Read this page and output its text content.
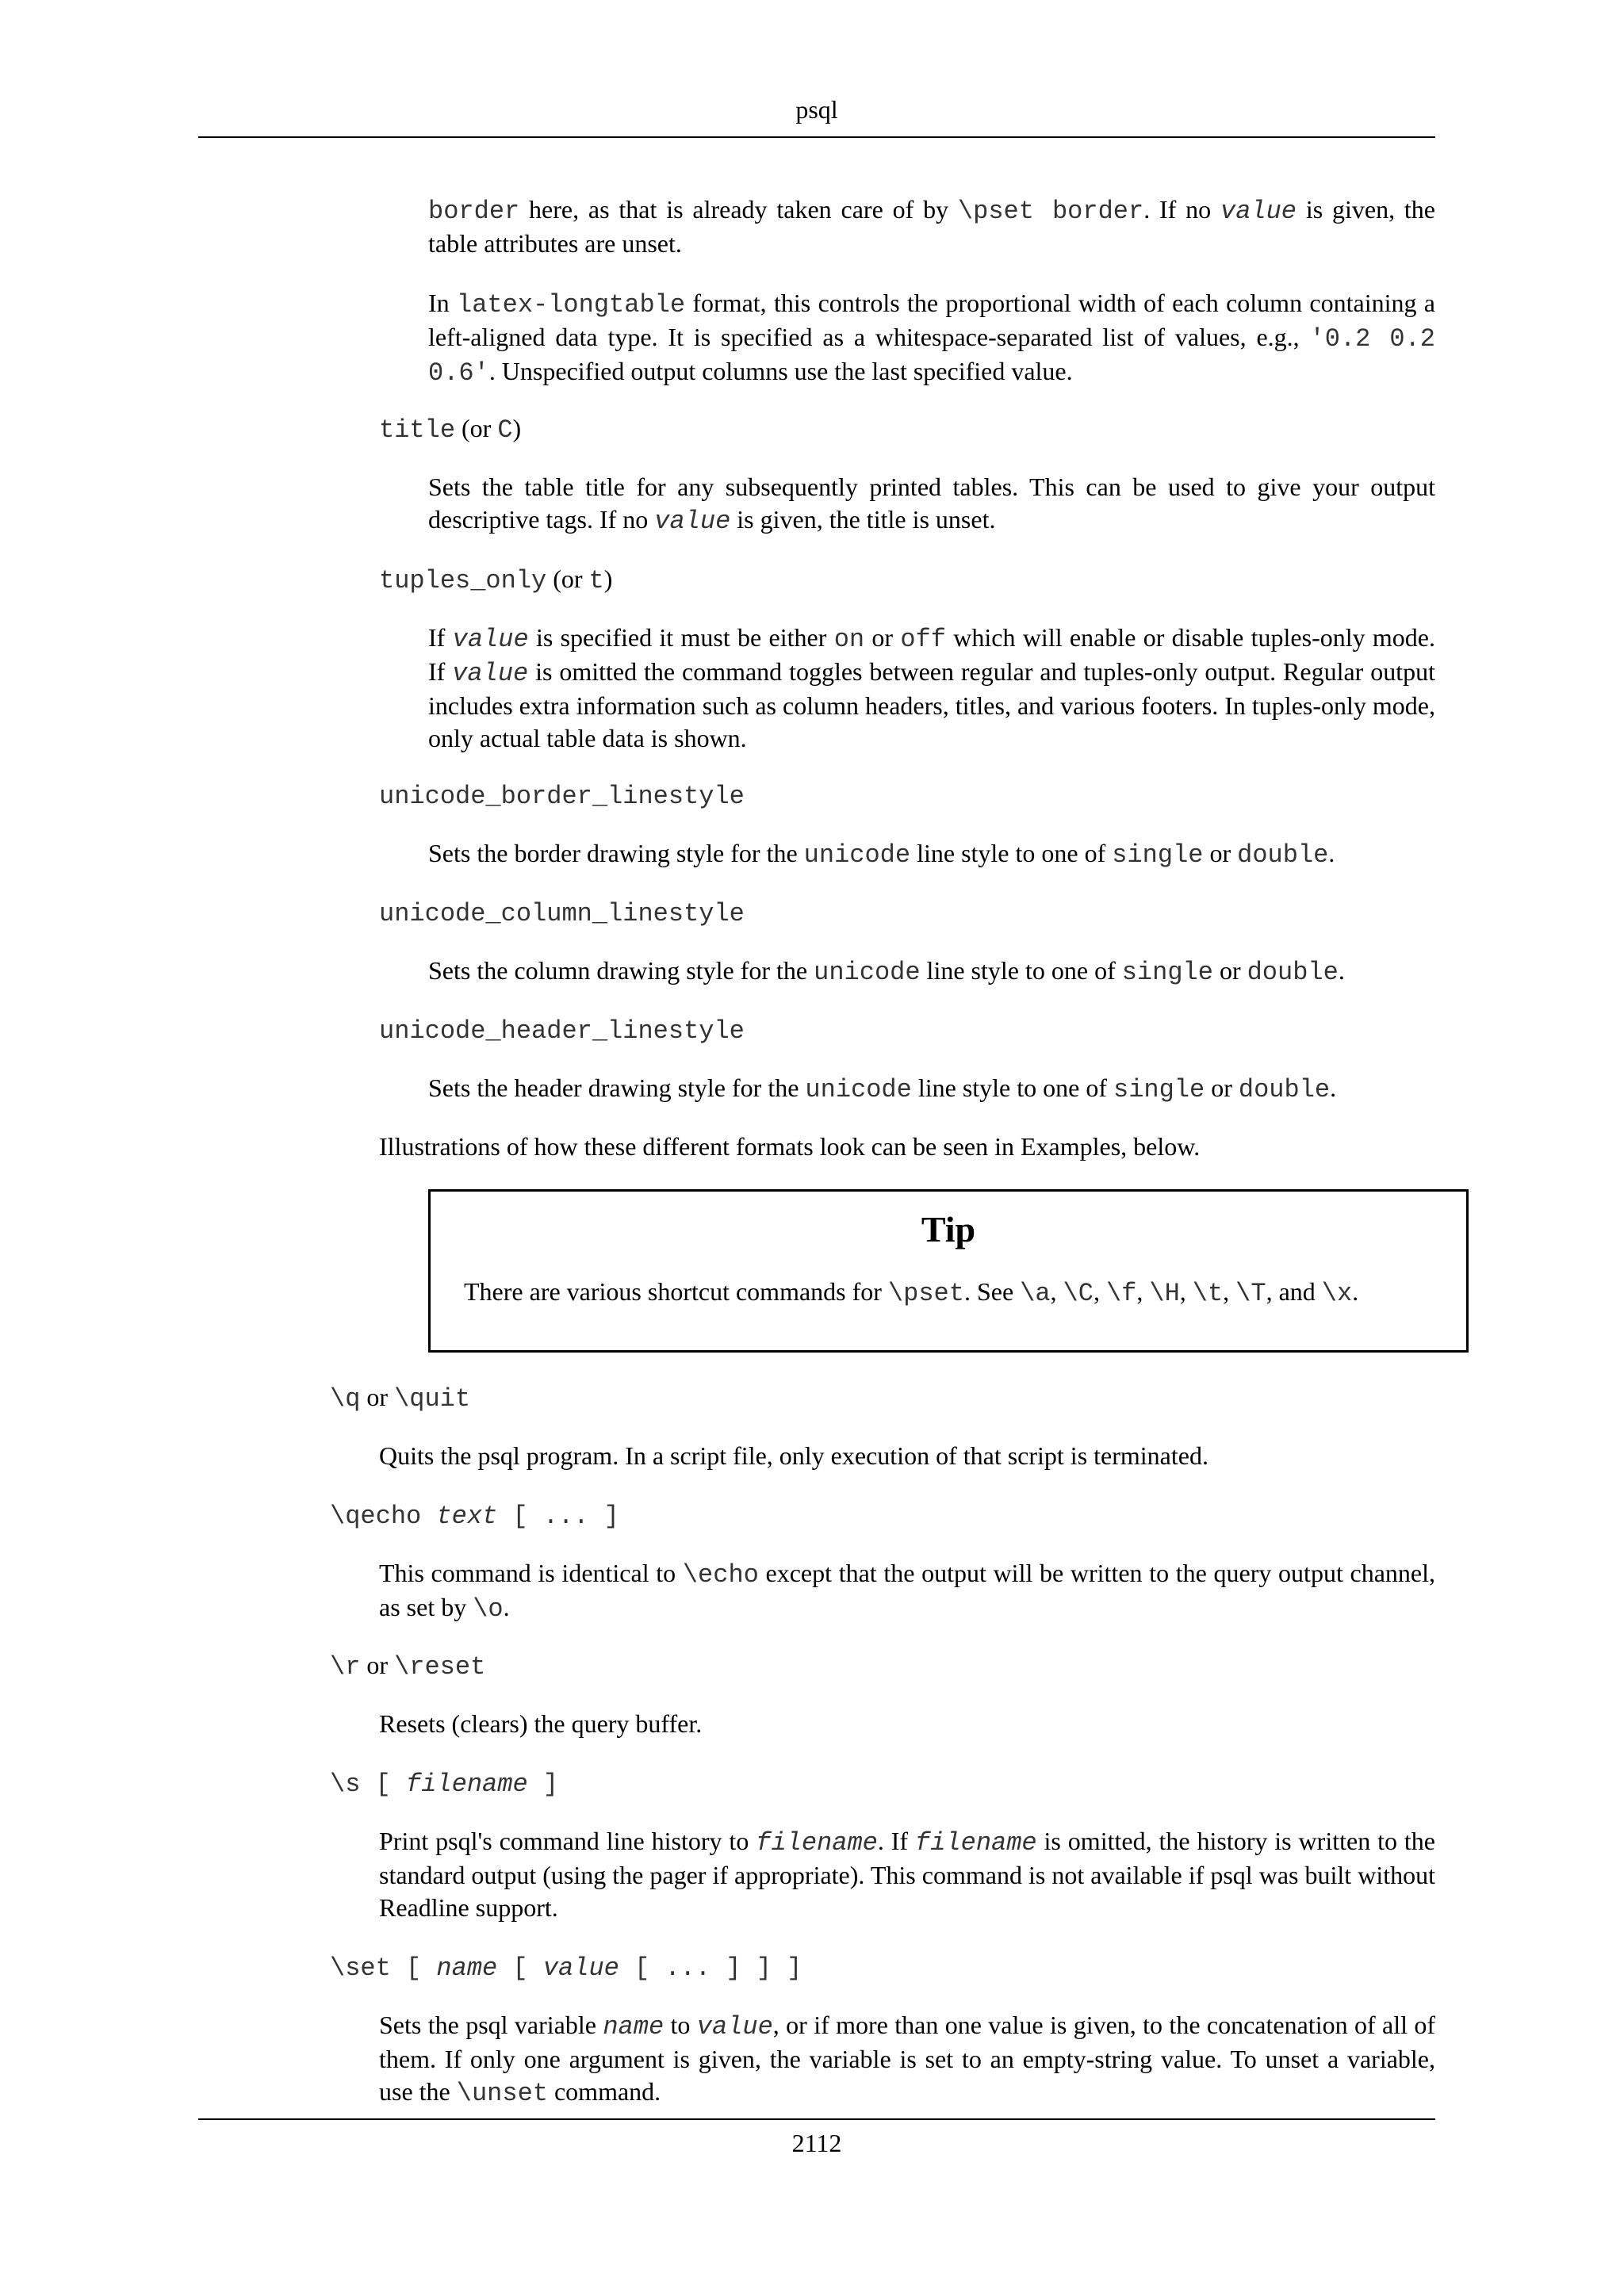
psql

border here, as that is already taken care of by \pset border. If no value is given, the table attributes are unset.

In latex-longtable format, this controls the proportional width of each column containing a left-aligned data type. It is specified as a whitespace-separated list of values, e.g., '0.2 0.2 0.6'. Unspecified output columns use the last specified value.

title (or C)

Sets the table title for any subsequently printed tables. This can be used to give your output descriptive tags. If no value is given, the title is unset.

tuples_only (or t)

If value is specified it must be either on or off which will enable or disable tuples-only mode. If value is omitted the command toggles between regular and tuples-only output. Regular output includes extra information such as column headers, titles, and various footers. In tuples-only mode, only actual table data is shown.

unicode_border_linestyle

Sets the border drawing style for the unicode line style to one of single or double.

unicode_column_linestyle

Sets the column drawing style for the unicode line style to one of single or double.

unicode_header_linestyle

Sets the header drawing style for the unicode line style to one of single or double.

Illustrations of how these different formats look can be seen in Examples, below.

Tip
There are various shortcut commands for \pset. See \a, \C, \f, \H, \t, \T, and \x.

\q or \quit

Quits the psql program. In a script file, only execution of that script is terminated.

\qecho text [ ... ]

This command is identical to \echo except that the output will be written to the query output channel, as set by \o.

\r or \reset

Resets (clears) the query buffer.

\s [ filename ]

Print psql's command line history to filename. If filename is omitted, the history is written to the standard output (using the pager if appropriate). This command is not available if psql was built without Readline support.

\set [ name [ value [ ... ] ] ]

Sets the psql variable name to value, or if more than one value is given, to the concatenation of all of them. If only one argument is given, the variable is set to an empty-string value. To unset a variable, use the \unset command.

2112
